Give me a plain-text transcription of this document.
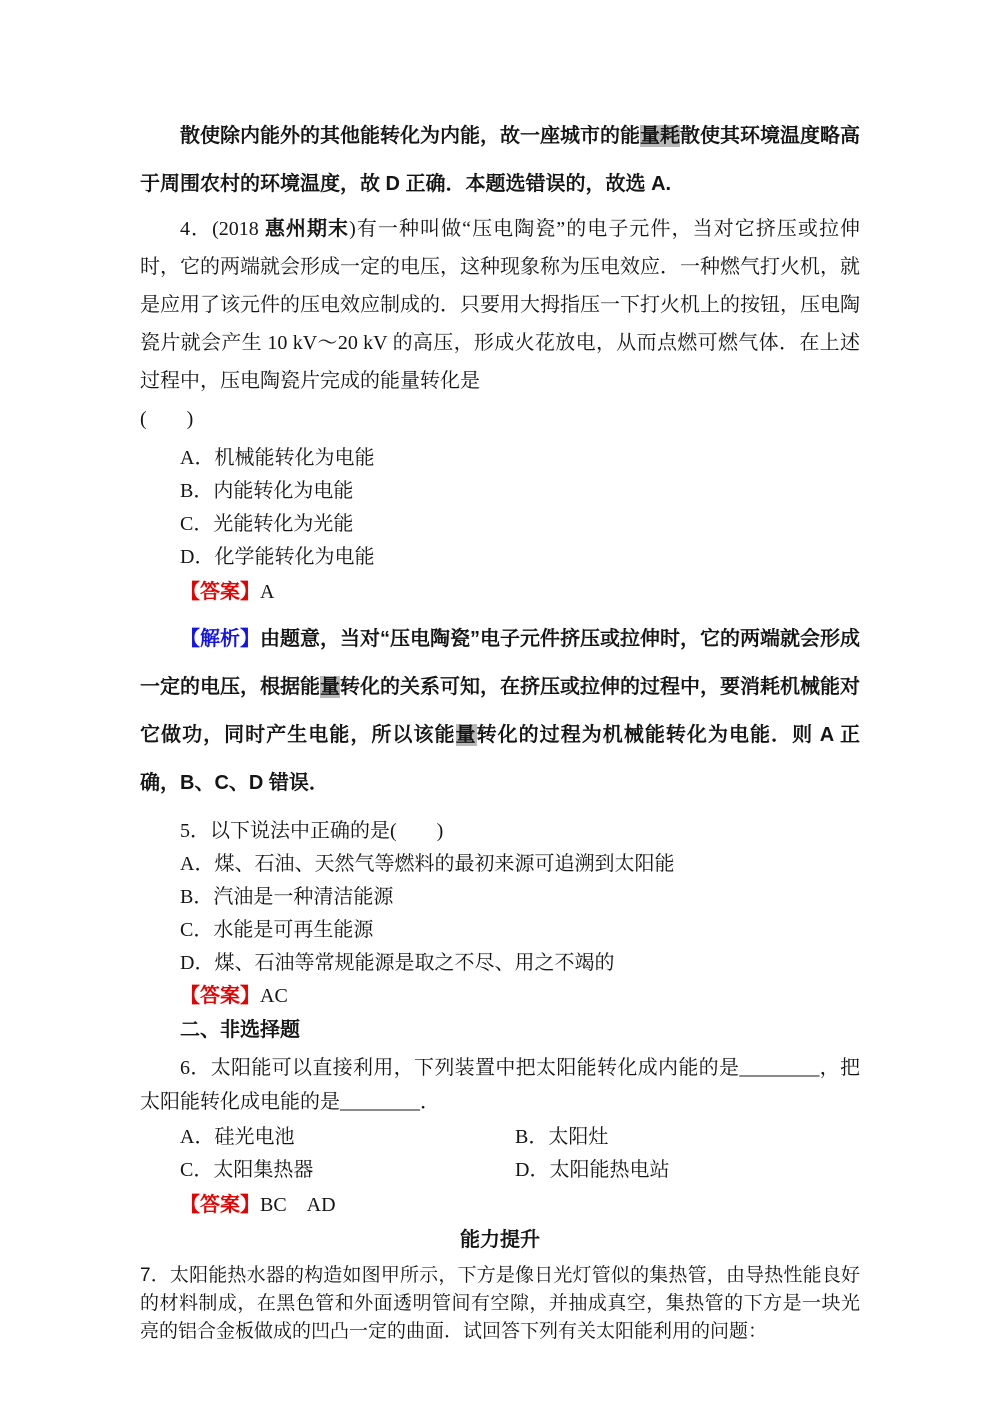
散使除内能外的其他能转化为内能，故一座城市的能量耗散使其环境温度略高于周围农村的环境温度，故 D 正确．本题选错误的，故选 A.

4．(2018 惠州期末)有一种叫做“压电陶瓷”的电子元件，当对它挤压或拉伸时，它的两端就会形成一定的电压，这种现象称为压电效应．一种燃气打火机，就是应用了该元件的压电效应制成的．只要用大拇指压一下打火机上的按钮，压电陶瓷片就会产生 10 kV～20 kV 的高压，形成火花放电，从而点燃可燃气体．在上述过程中，压电陶瓷片完成的能量转化是

(　　)

A．机械能转化为电能

B．内能转化为电能

C．光能转化为光能

D．化学能转化为电能

【答案】A

【解析】由题意，当对“压电陶瓷”电子元件挤压或拉伸时，它的两端就会形成一定的电压，根据能量转化的关系可知，在挤压或拉伸的过程中，要消耗机械能对它做功，同时产生电能，所以该能量转化的过程为机械能转化为电能．则 A 正确，B、C、D 错误．

5．以下说法中正确的是(　　)

A．煤、石油、天然气等燃料的最初来源可追溯到太阳能

B．汽油是一种清洁能源

C．水能是可再生能源

D．煤、石油等常规能源是取之不尽、用之不竭的

【答案】AC

二、非选择题

6．太阳能可以直接利用，下列装置中把太阳能转化成内能的是________，把太阳能转化成电能的是________．

A．硅光电池	B．太阳灶
C．太阳集热器	D．太阳能热电站

【答案】BC　AD

能力提升

7．太阳能热水器的构造如图甲所示，下方是像日光灯管似的集热管，由导热性能良好的材料制成，在黑色管和外面透明管间有空隙，并抽成真空，集热管的下方是一块光亮的铝合金板做成的凹凸一定的曲面．试回答下列有关太阳能利用的问题：
